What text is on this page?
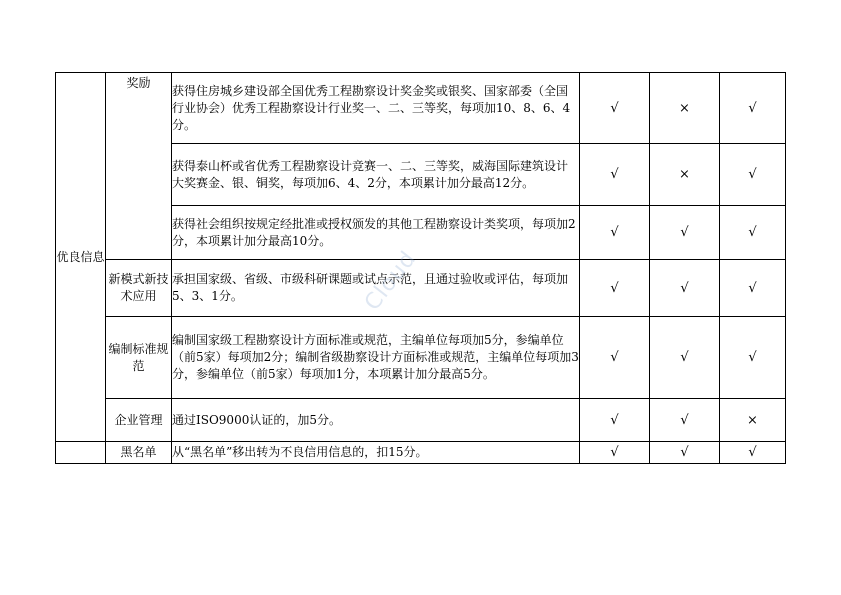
优良信息	奖励	获得住房城乡建设部全国优秀工程勘察设计奖金奖或银奖、国家部委（全国行业协会）优秀工程勘察设计行业奖一、二、三等奖，每项加10、8、6、4分。	√	×	√
		获得泰山杯或省优秀工程勘察设计竞赛一、二、三等奖，威海国际建筑设计大奖赛金、银、铜奖，每项加6、4、2分，本项累计加分最高12分。	√	×	√
		获得社会组织按规定经批准或授权颁发的其他工程勘察设计类奖项，每项加2分，本项累计加分最高10分。	√	√	√
	新模式新技术应用	承担国家级、省级、市级科研课题或试点示范，且通过验收或评估，每项加5、3、1分。	√	√	√
	编制标准规范	编制国家级工程勘察设计方面标准或规范，主编单位每项加5分，参编单位（前5家）每项加2分；编制省级勘察设计方面标准或规范，主编单位每项加3分，参编单位（前5家）每项加1分，本项累计加分最高5分。	√	√	√
	企业管理	通过ISO9000认证的，加5分。	√	√	×
	黑名单	从“黑名单”移出转为不良信用信息的，扣15分。	√	√	√
Cloud
